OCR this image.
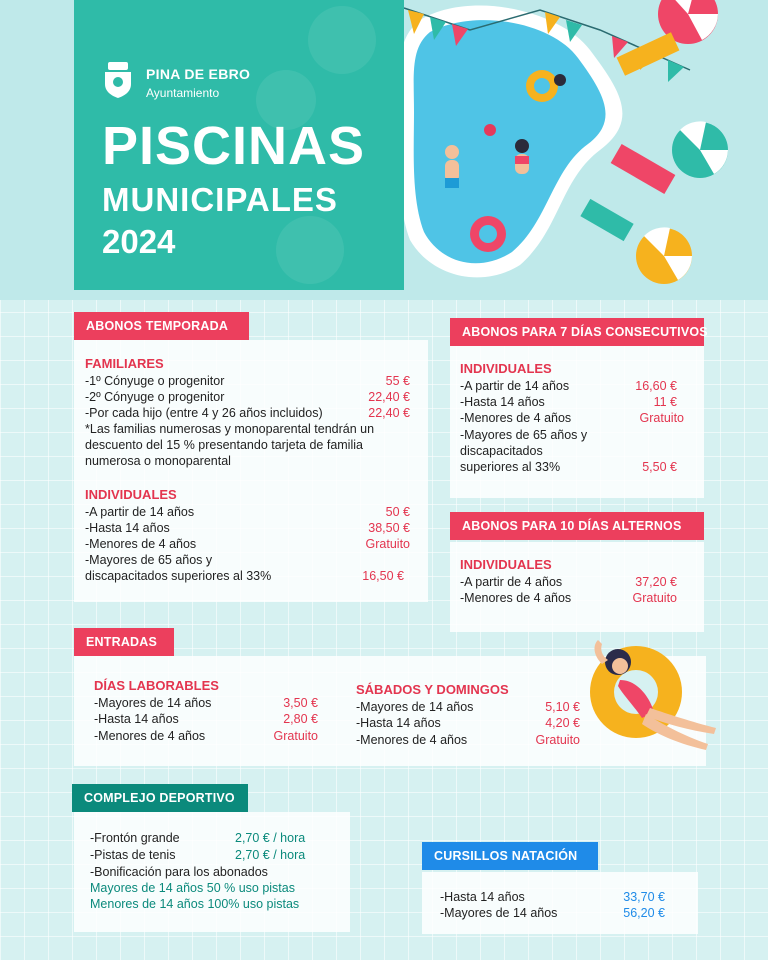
PINA DE EBRO
Ayuntamiento
PISCINAS
MUNICIPALES
2024
ABONOS TEMPORADA
FAMILIARES
-1º Cónyuge o progenitor	55 €
-2º Cónyuge o progenitor	22,40 €
-Por cada hijo (entre 4 y 26 años incluidos)	22,40 €
*Las familias numerosas y monoparental tendrán un
descuento del 15 % presentando tarjeta de familia
numerosa o monoparental
INDIVIDUALES
-A partir de 14 años	50 €
-Hasta 14 años	38,50 €
-Menores de 4 años	Gratuito
-Mayores de 65 años y
discapacitados superiores al 33%	16,50 €
ABONOS PARA 7 DÍAS CONSECUTIVOS
INDIVIDUALES
-A partir de 14 años	16,60 €
-Hasta 14 años	11 €
-Menores de 4 años	Gratuito
-Mayores de 65 años y
discapacitados
superiores al 33%	5,50 €
ABONOS PARA 10 DÍAS ALTERNOS
INDIVIDUALES
-A partir de 4 años	37,20 €
-Menores de 4 años	Gratuito
ENTRADAS
DÍAS LABORABLES
-Mayores de 14 años	3,50 €
-Hasta 14 años	2,80 €
-Menores de 4 años	Gratuito
SÁBADOS Y DOMINGOS
-Mayores de 14 años	5,10 €
-Hasta 14 años	4,20 €
-Menores de 4 años	Gratuito
COMPLEJO DEPORTIVO
-Frontón grande	2,70 € / hora
-Pistas de tenis	2,70 € / hora
-Bonificación para los abonados
Mayores de 14 años 50 % uso pistas
Menores de 14 años 100% uso pistas
CURSILLOS NATACIÓN
-Hasta 14 años	33,70 €
-Mayores de 14 años	56,20 €
